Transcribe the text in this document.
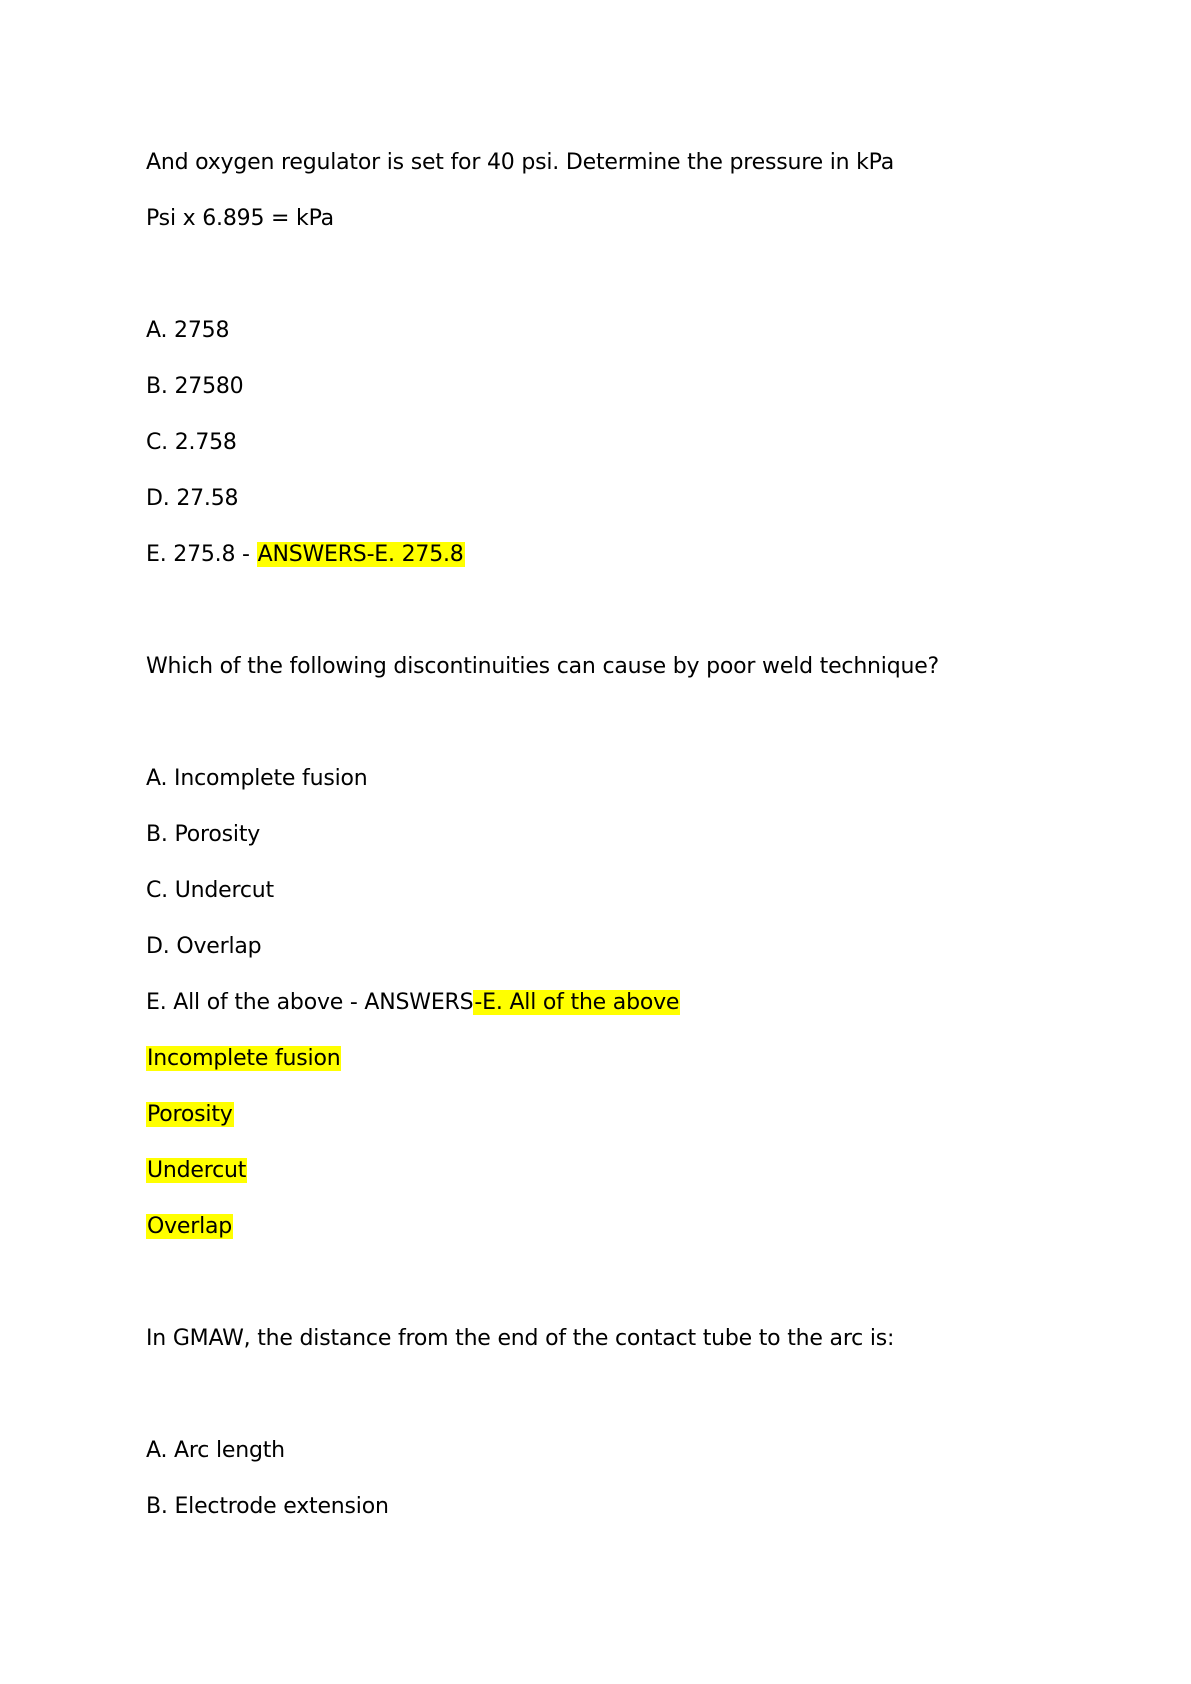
And oxygen regulator is set for 40 psi. Determine the pressure in kPa
Psi x 6.895 = kPa
A. 2758
B. 27580
C. 2.758
D. 27.58
E. 275.8 - ANSWERS-E. 275.8
Which of the following discontinuities can cause by poor weld technique?
A. Incomplete fusion
B. Porosity
C. Undercut
D. Overlap
E. All of the above - ANSWERS-E. All of the above
Incomplete fusion
Porosity
Undercut
Overlap
In GMAW, the distance from the end of the contact tube to the arc is:
A. Arc length
B. Electrode extension
